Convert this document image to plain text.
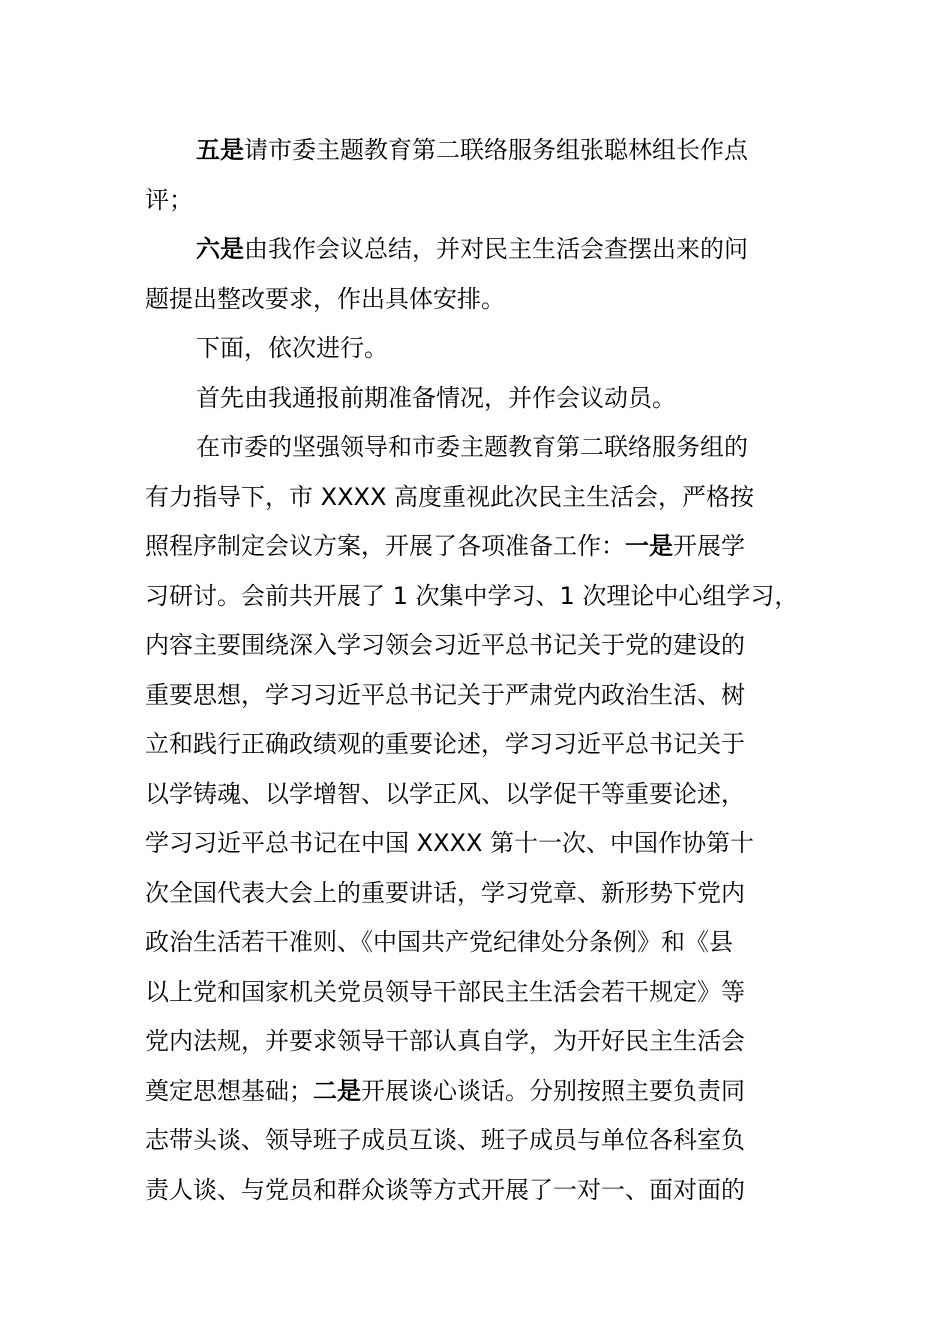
五是请市委主题教育第二联络服务组张聪林组长作点
评；
六是由我作会议总结，并对民主生活会查摆出来的问
题提出整改要求，作出具体安排。
下面，依次进行。
首先由我通报前期准备情况，并作会议动员。
在市委的坚强领导和市委主题教育第二联络服务组的
有力指导下，市 XXXX 高度重视此次民主生活会，严格按
照程序制定会议方案，开展了各项准备工作：一是开展学
习研讨。会前共开展了 1 次集中学习、1 次理论中心组学习，
内容主要围绕深入学习领会习近平总书记关于党的建设的
重要思想，学习习近平总书记关于严肃党内政治生活、树
立和践行正确政绩观的重要论述，学习习近平总书记关于
以学铸魂、以学增智、以学正风、以学促干等重要论述，
学习习近平总书记在中国 XXXX 第十一次、中国作协第十
次全国代表大会上的重要讲话，学习党章、新形势下党内
政治生活若干准则、《中国共产党纪律处分条例》和《县
以上党和国家机关党员领导干部民主生活会若干规定》等
党内法规，并要求领导干部认真自学，为开好民主生活会
奠定思想基础；二是开展谈心谈话。分别按照主要负责同
志带头谈、领导班子成员互谈、班子成员与单位各科室负
责人谈、与党员和群众谈等方式开展了一对一、面对面的
